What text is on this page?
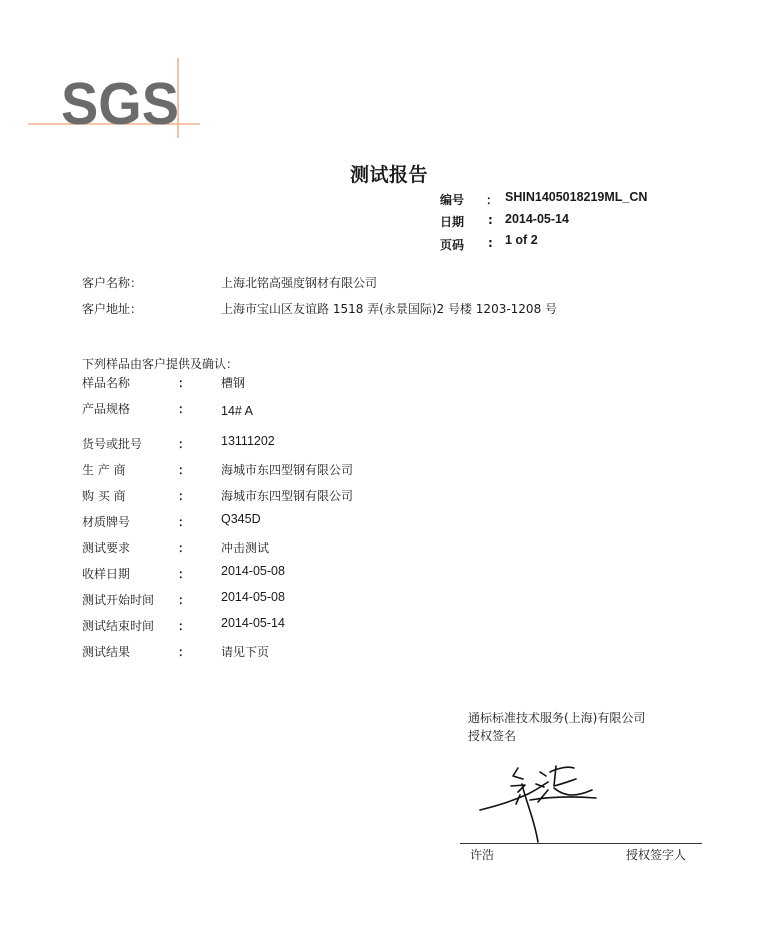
SGS
测试报告
编号 ： SHIN1405018219ML_CN
日期 : 2014-05-14
页码 : 1 of 2
客户名称：	上海北铭高强度钢材有限公司
客户地址：	上海市宝山区友谊路 1518 弄(永景国际)2 号楼 1203-1208 号
下列样品由客户提供及确认：
样品名称	：	槽钢
产品规格	： 14# A
货号或批号	： 13111202
生 产 商	：	海城市东四型钢有限公司
购 买 商	：	海城市东四型钢有限公司
材质牌号	： Q345D
测试要求	：	冲击测试
收样日期	： 2014-05-08
测试开始时间 ： 2014-05-08
测试结束时间 ： 2014-05-14
测试结果	：	请见下页
通标标准技术服务(上海)有限公司
授权签名
许浩	授权签字人
